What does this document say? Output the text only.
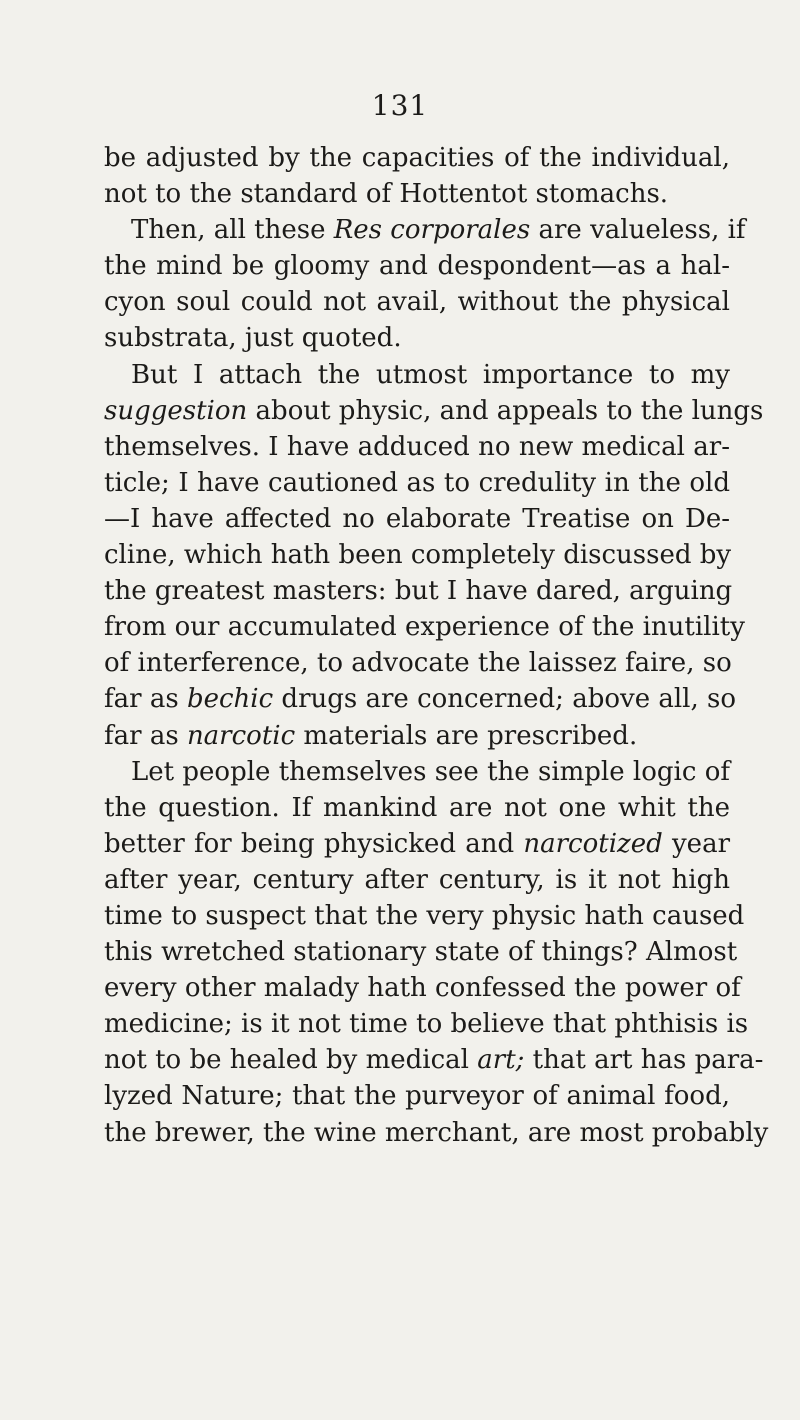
131
be adjusted by the capacities of the individual,
not to the standard of Hottentot stomachs.
Then, all these Res corporales are valueless, if
the mind be gloomy and despondent—as a hal-
cyon soul could not avail, without the physical
substrata, just quoted.
But I attach the utmost importance to my
suggestion about physic, and appeals to the lungs
themselves. I have adduced no new medical ar-
ticle; I have cautioned as to credulity in the old
—I have affected no elaborate Treatise on De-
cline, which hath been completely discussed by
the greatest masters: but I have dared, arguing
from our accumulated experience of the inutility
of interference, to advocate the laissez faire, so
far as bechic drugs are concerned; above all, so
far as narcotic materials are prescribed.
Let people themselves see the simple logic of
the question. If mankind are not one whit the
better for being physicked and narcotized year
after year, century after century, is it not high
time to suspect that the very physic hath caused
this wretched stationary state of things? Almost
every other malady hath confessed the power of
medicine; is it not time to believe that phthisis is
not to be healed by medical art; that art has para-
lyzed Nature; that the purveyor of animal food,
the brewer, the wine merchant, are most probably
